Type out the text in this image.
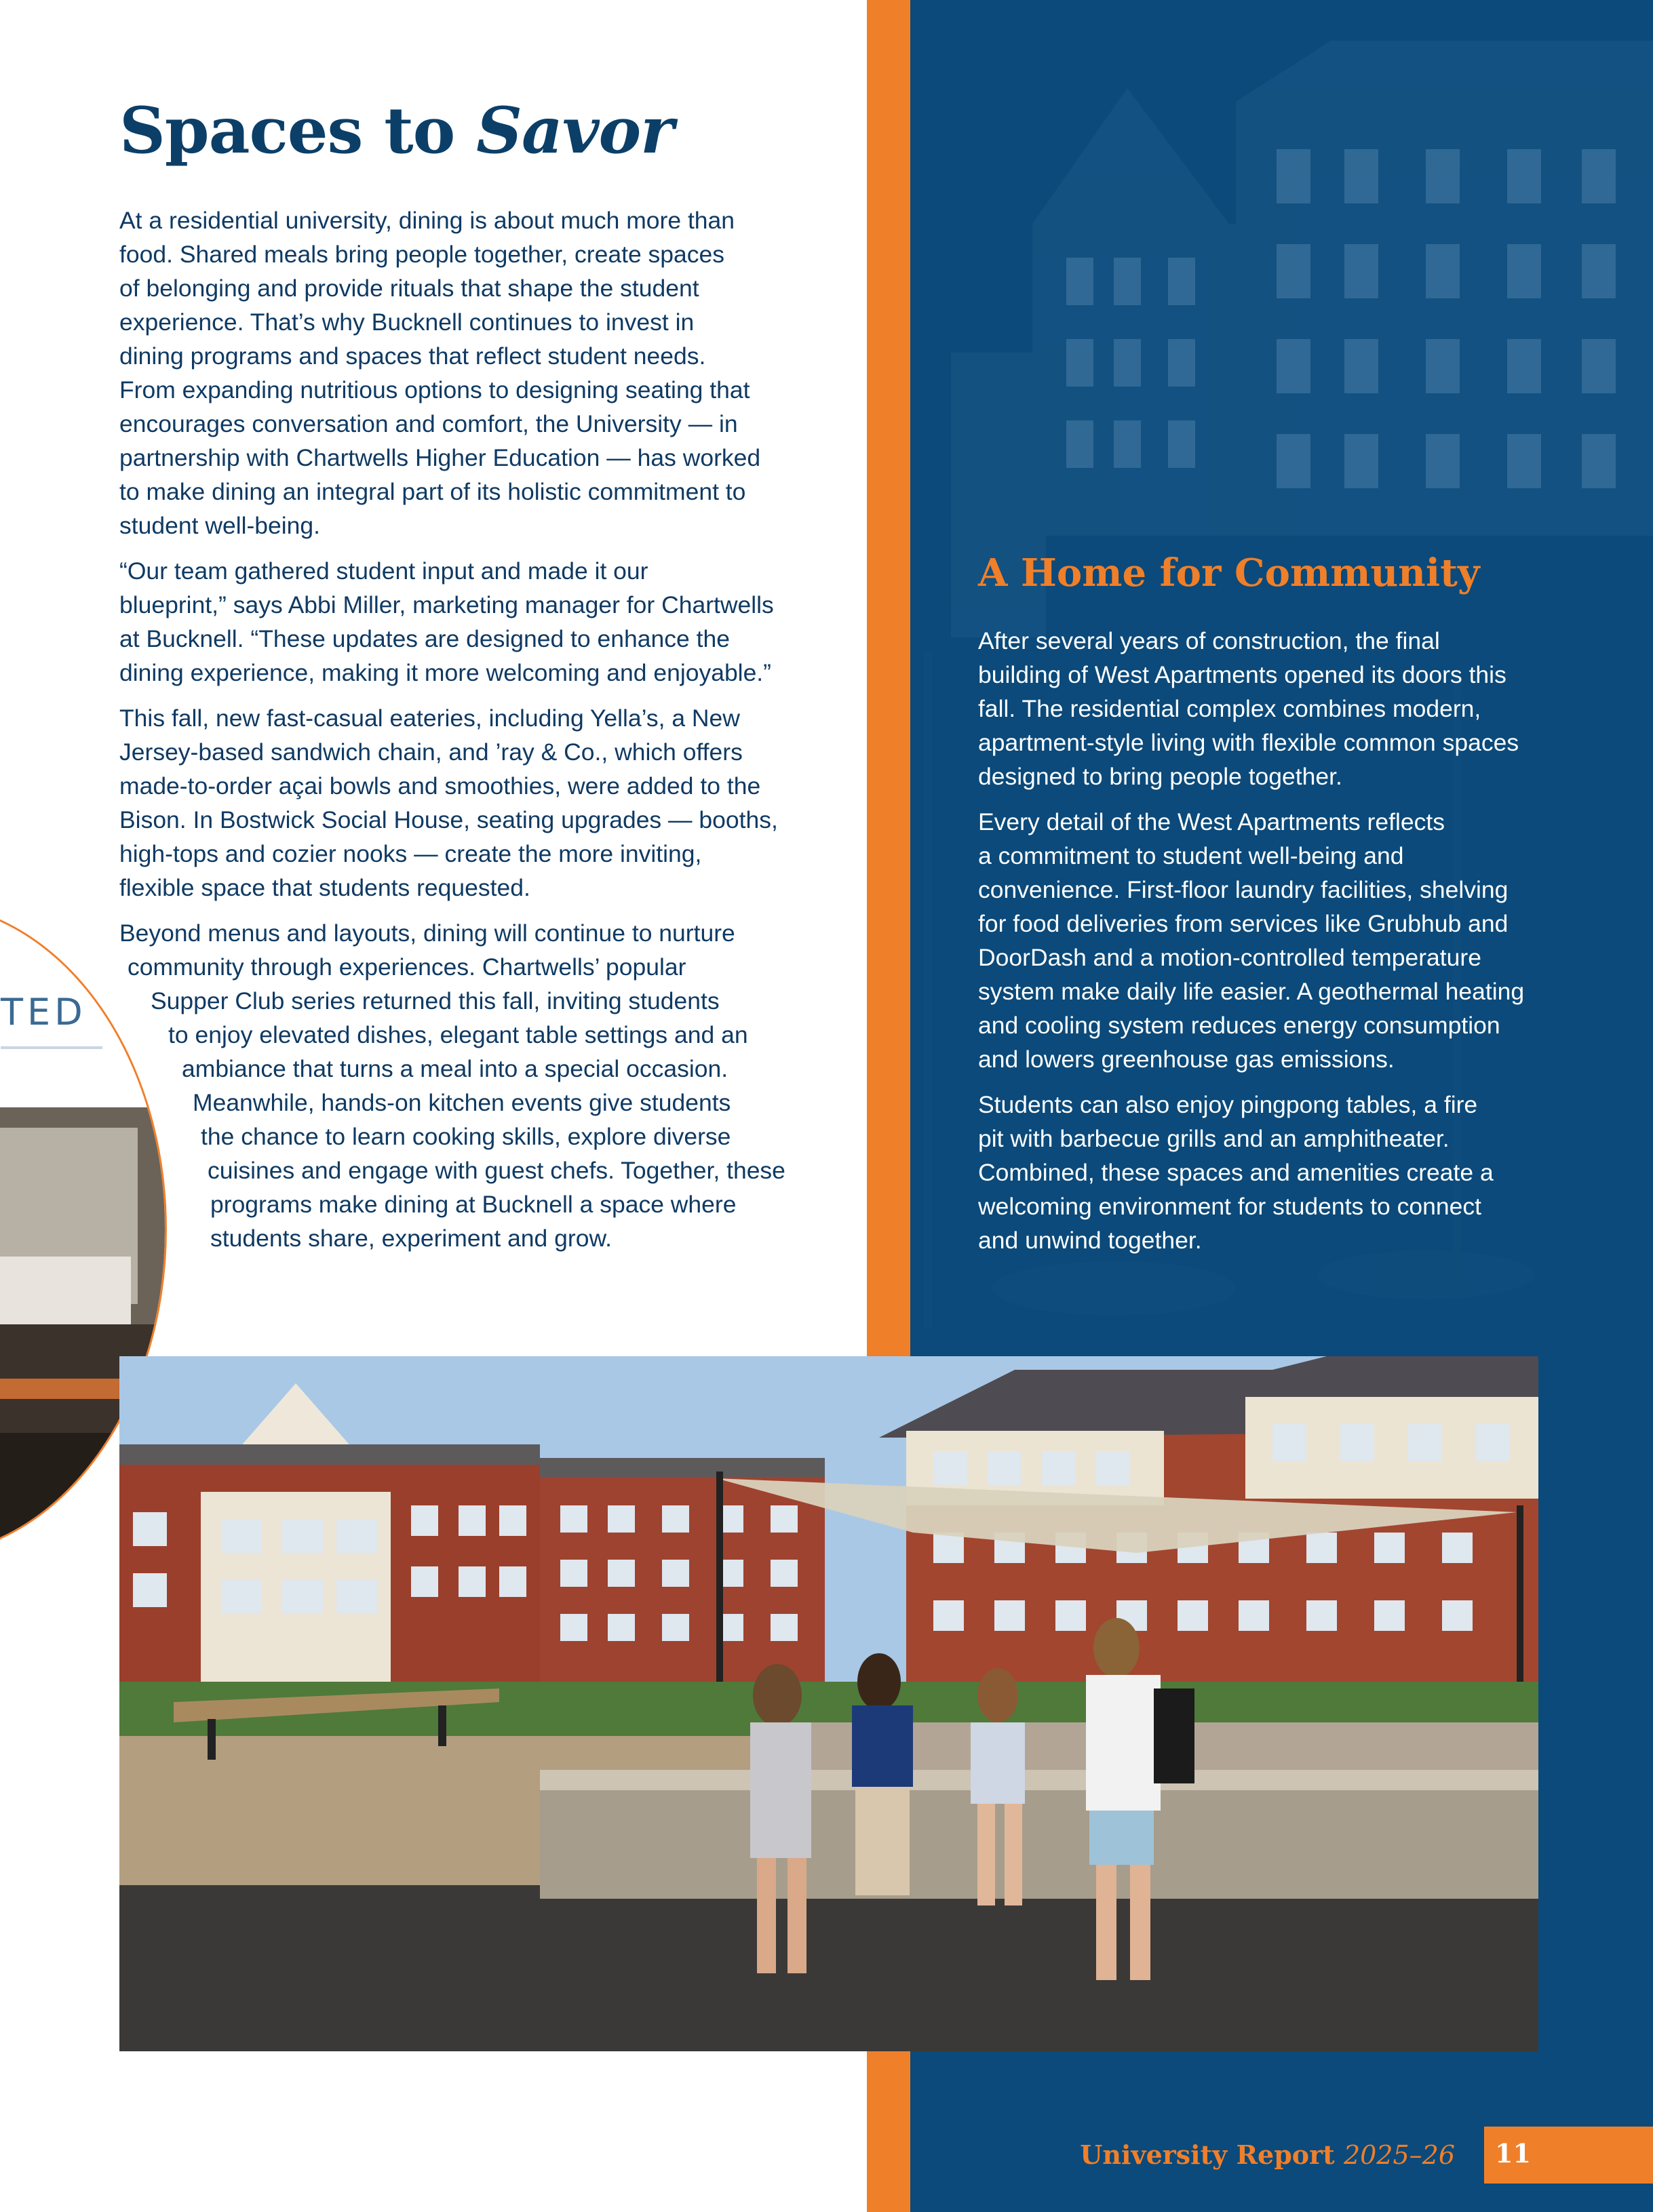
Spaces to Savor
TED

At a residential university, dining is about much more than
food. Shared meals bring people together, create spaces
of belonging and provide rituals that shape the student
experience. That’s why Bucknell continues to invest in
dining programs and spaces that reflect student needs.
From expanding nutritious options to designing seating that
encourages conversation and comfort, the University — in
partnership with Chartwells Higher Education — has worked
to make dining an integral part of its holistic commitment to
student well-being.

“Our team gathered student input and made it our
blueprint,” says Abbi Miller, marketing manager for Chartwells
at Bucknell. “These updates are designed to enhance the
dining experience, making it more welcoming and enjoyable.”

This fall, new fast-casual eateries, including Yella’s, a New
Jersey-based sandwich chain, and ’ray & Co., which offers
made-to-order açai bowls and smoothies, were added to the
Bison. In Bostwick Social House, seating upgrades — booths,
high-tops and cozier nooks — create the more inviting,
flexible space that students requested.

Beyond menus and layouts, dining will continue to nurture
community through experiences. Chartwells’ popular
Supper Club series returned this fall, inviting students
to enjoy elevated dishes, elegant table settings and an
ambiance that turns a meal into a special occasion.
Meanwhile, hands-on kitchen events give students
the chance to learn cooking skills, explore diverse
cuisines and engage with guest chefs. Together, these
programs make dining at Bucknell a space where
students share, experiment and grow.

A Home for Community

After several years of construction, the final
building of West Apartments opened its doors this
fall. The residential complex combines modern,
apartment-style living with flexible common spaces
designed to bring people together.

Every detail of the West Apartments reflects
a commitment to student well-being and
convenience. First-floor laundry facilities, shelving
for food deliveries from services like Grubhub and
DoorDash and a motion-controlled temperature
system make daily life easier. A geothermal heating
and cooling system reduces energy consumption
and lowers greenhouse gas emissions.

Students can also enjoy pingpong tables, a fire
pit with barbecue grills and an amphitheater.
Combined, these spaces and amenities create a
welcoming environment for students to connect
and unwind together.

University Report 2025–26 11
